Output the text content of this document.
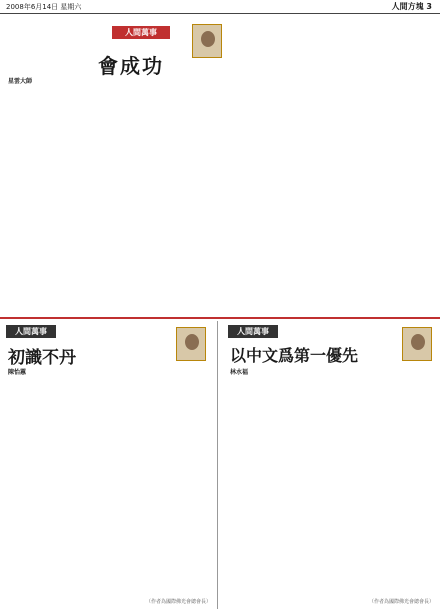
2008年6月14日 星期六	人間方塊 3
人間萬事
會成功
星雲大師
人間萬事
初識不丹
陳怡蕙
（作者為國際佛光會總會長）
人間萬事
以中文爲第一優先
林水福
（作者為國際佛光會總會長）
